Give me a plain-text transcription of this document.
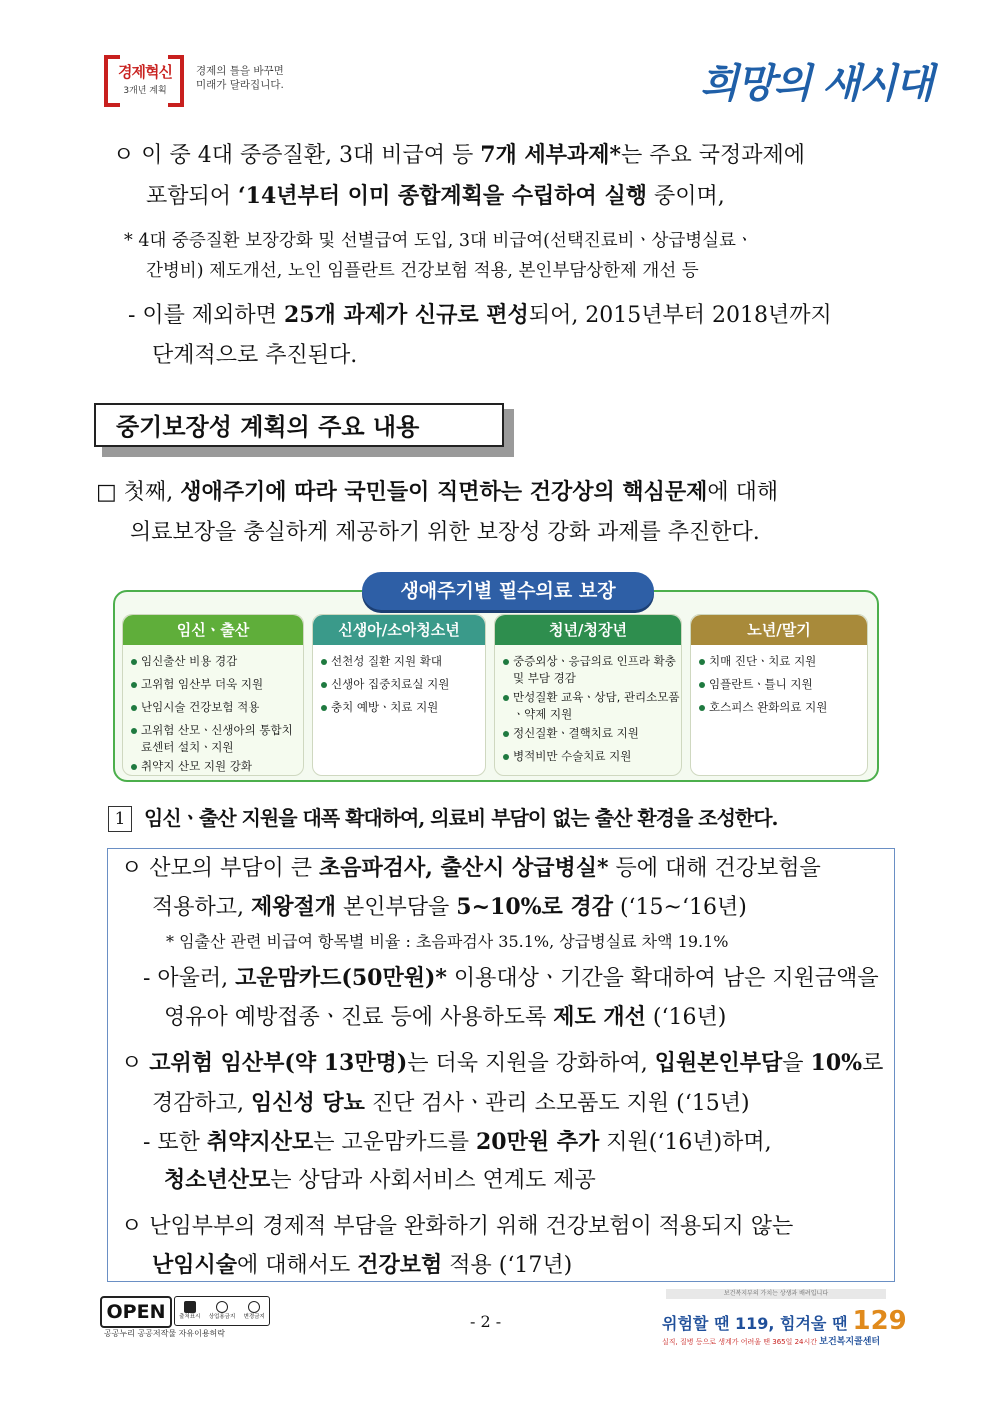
경제혁신
3개년 계획
경제의 틀을 바꾸면
미래가 달라집니다.	희망의 새시대
ㅇ 이 중 4대 중증질환, 3대 비급여 등 7개 세부과제*는 주요 국정과제에
포함되어 ‘14년부터 이미 종합계획을 수립하여 실행 중이며,
* 4대 중증질환 보장강화 및 선별급여 도입, 3대 비급여(선택진료비ㆍ상급병실료ㆍ
간병비) 제도개선, 노인 임플란트 건강보험 적용, 본인부담상한제 개선 등
- 이를 제외하면 25개 과제가 신규로 편성되어, 2015년부터 2018년까지
단계적으로 추진된다.
중기보장성 계획의 주요 내용
□ 첫째, 생애주기에 따라 국민들이 직면하는 건강상의 핵심문제에 대해
의료보장을 충실하게 제공하기 위한 보장성 강화 과제를 추진한다.
생애주기별 필수의료 보장
임신ㆍ출산
임신출산 비용 경감
고위험 임산부 더욱 지원
난임시술 건강보험 적용
고위험 산모ㆍ신생아의 통합치료센터 설치ㆍ지원
취약지 산모 지원 강화
신생아/소아청소년
선천성 질환 지원 확대
신생아 집중치료실 지원
충치 예방ㆍ치료 지원
청년/청장년
중증외상ㆍ응급의료 인프라 확충 및 부담 경감
만성질환 교육ㆍ상담, 관리소모품ㆍ약제 지원
정신질환ㆍ결핵치료 지원
병적비만 수술치료 지원
노년/말기
치매 진단ㆍ치료 지원
임플란트ㆍ틀니 지원
호스피스 완화의료 지원
1 임신ㆍ출산 지원을 대폭 확대하여, 의료비 부담이 없는 출산 환경을 조성한다.
ㅇ 산모의 부담이 큰 초음파검사, 출산시 상급병실* 등에 대해 건강보험을
적용하고, 제왕절개 본인부담을 5~10%로 경감 (‘15~‘16년)
* 임출산 관련 비급여 항목별 비율 : 초음파검사 35.1%, 상급병실료 차액 19.1%
- 아울러, 고운맘카드(50만원)* 이용대상ㆍ기간을 확대하여 남은 지원금액을
영유아 예방접종ㆍ진료 등에 사용하도록 제도 개선 (‘16년)
ㅇ 고위험 임산부(약 13만명)는 더욱 지원을 강화하여, 입원본인부담을 10%로
경감하고, 임신성 당뇨 진단 검사ㆍ관리 소모품도 지원 (‘15년)
- 또한 취약지산모는 고운맘카드를 20만원 추가 지원(‘16년)하며,
청소년산모는 상담과 사회서비스 연계도 제공
ㅇ 난임부부의 경제적 부담을 완화하기 위해 건강보험이 적용되지 않는
난임시술에 대해서도 건강보험 적용 (‘17년)
OPEN	출처표시 상업용금지 변경금지
공공누리 공공저작물 자유이용허락
- 2 -
보건복지부의 가치는 상생과 배려입니다
위험할 땐 119, 힘겨울 땐 129
실직, 질병 등으로 생계가 어려울 땐 365일 24시간 보건복지콜센터
